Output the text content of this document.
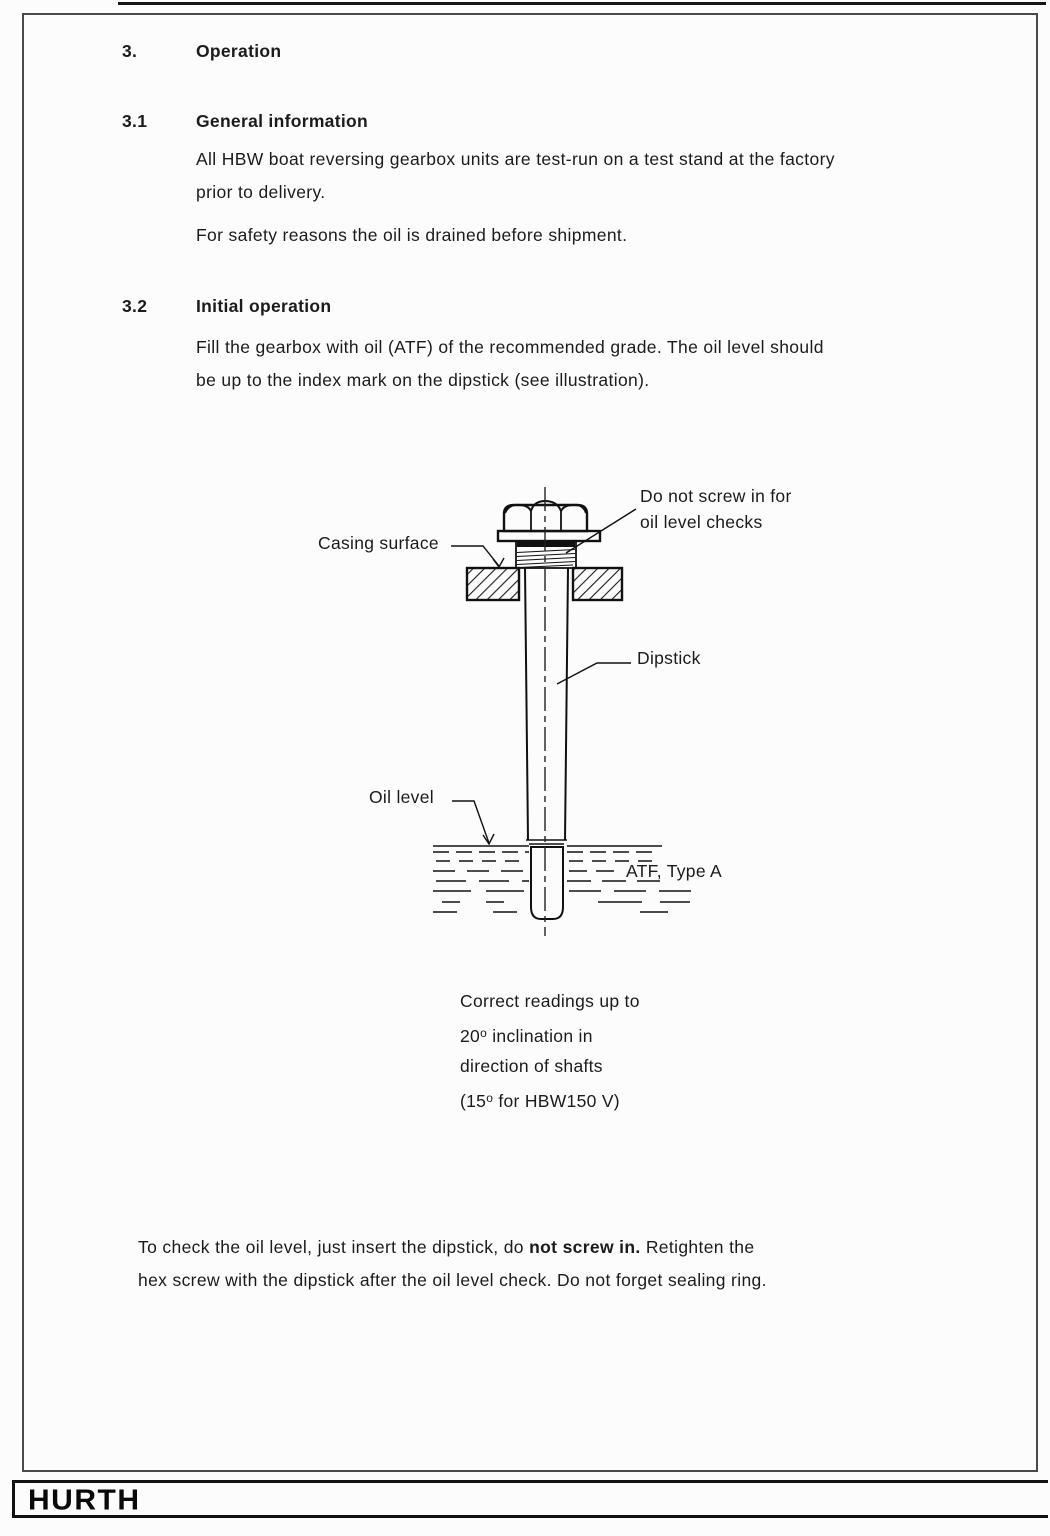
3.	Operation
3.1	General information
All HBW boat reversing gearbox units are test-run on a test stand at the factory
prior to delivery.
For safety reasons the oil is drained before shipment.
3.2	Initial operation
Fill the gearbox with oil (ATF) of the recommended grade. The oil level should
be up to the index mark on the dipstick (see illustration).
Do not screw in for
oil level checks
Casing surface
Dipstick
Oil level
ATF, Type A
Correct readings up to
20$^o$ inclination in
direction of shafts
(15$^o$ for HBW150 V)
To check the oil level, just insert the dipstick, do not screw in. Retighten the
hex screw with the dipstick after the oil level check. Do not forget sealing ring.
HURTH
